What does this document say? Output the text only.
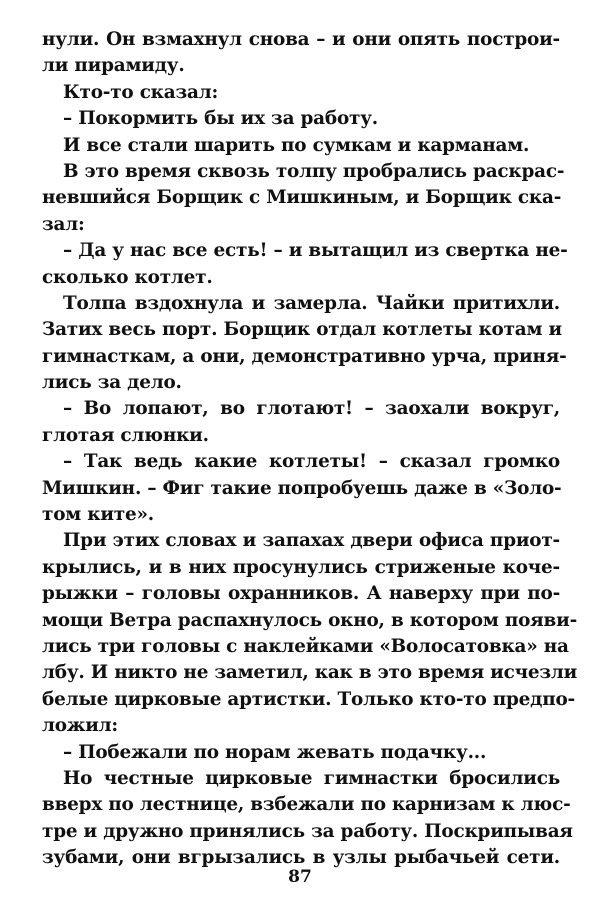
нули. Он взмахнул снова – и они опять построи-
ли пирамиду.
Кто-то сказал:
– Покормить бы их за работу.
И все стали шарить по сумкам и карманам.
В это время сквозь толпу пробрались раскрас-
невшийся Борщик с Мишкиным, и Борщик ска-
зал:
– Да у нас все есть! – и вытащил из свертка не-
сколько котлет.
Толпа вздохнула и замерла. Чайки притихли.
Затих весь порт. Борщик отдал котлеты котам и
гимнасткам, а они, демонстративно урча, приня-
лись за дело.
– Во лопают, во глотают! – заохали вокруг,
глотая слюнки.
– Так ведь какие котлеты! – сказал громко
Мишкин. – Фиг такие попробуешь даже в «Золо-
том ките».
При этих словах и запахах двери офиса приот-
крылись, и в них просунулись стриженые коче-
рыжки – головы охранников. А наверху при по-
мощи Ветра распахнулось окно, в котором появи-
лись три головы с наклейками «Волосатовка» на
лбу. И никто не заметил, как в это время исчезли
белые цирковые артистки. Только кто-то предпо-
ложил:
– Побежали по норам жевать подачку...
Но честные цирковые гимнастки бросились
вверх по лестнице, взбежали по карнизам к люс-
тре и дружно принялись за работу. Поскрипывая
зубами, они вгрызались в узлы рыбачьей сети.
87
